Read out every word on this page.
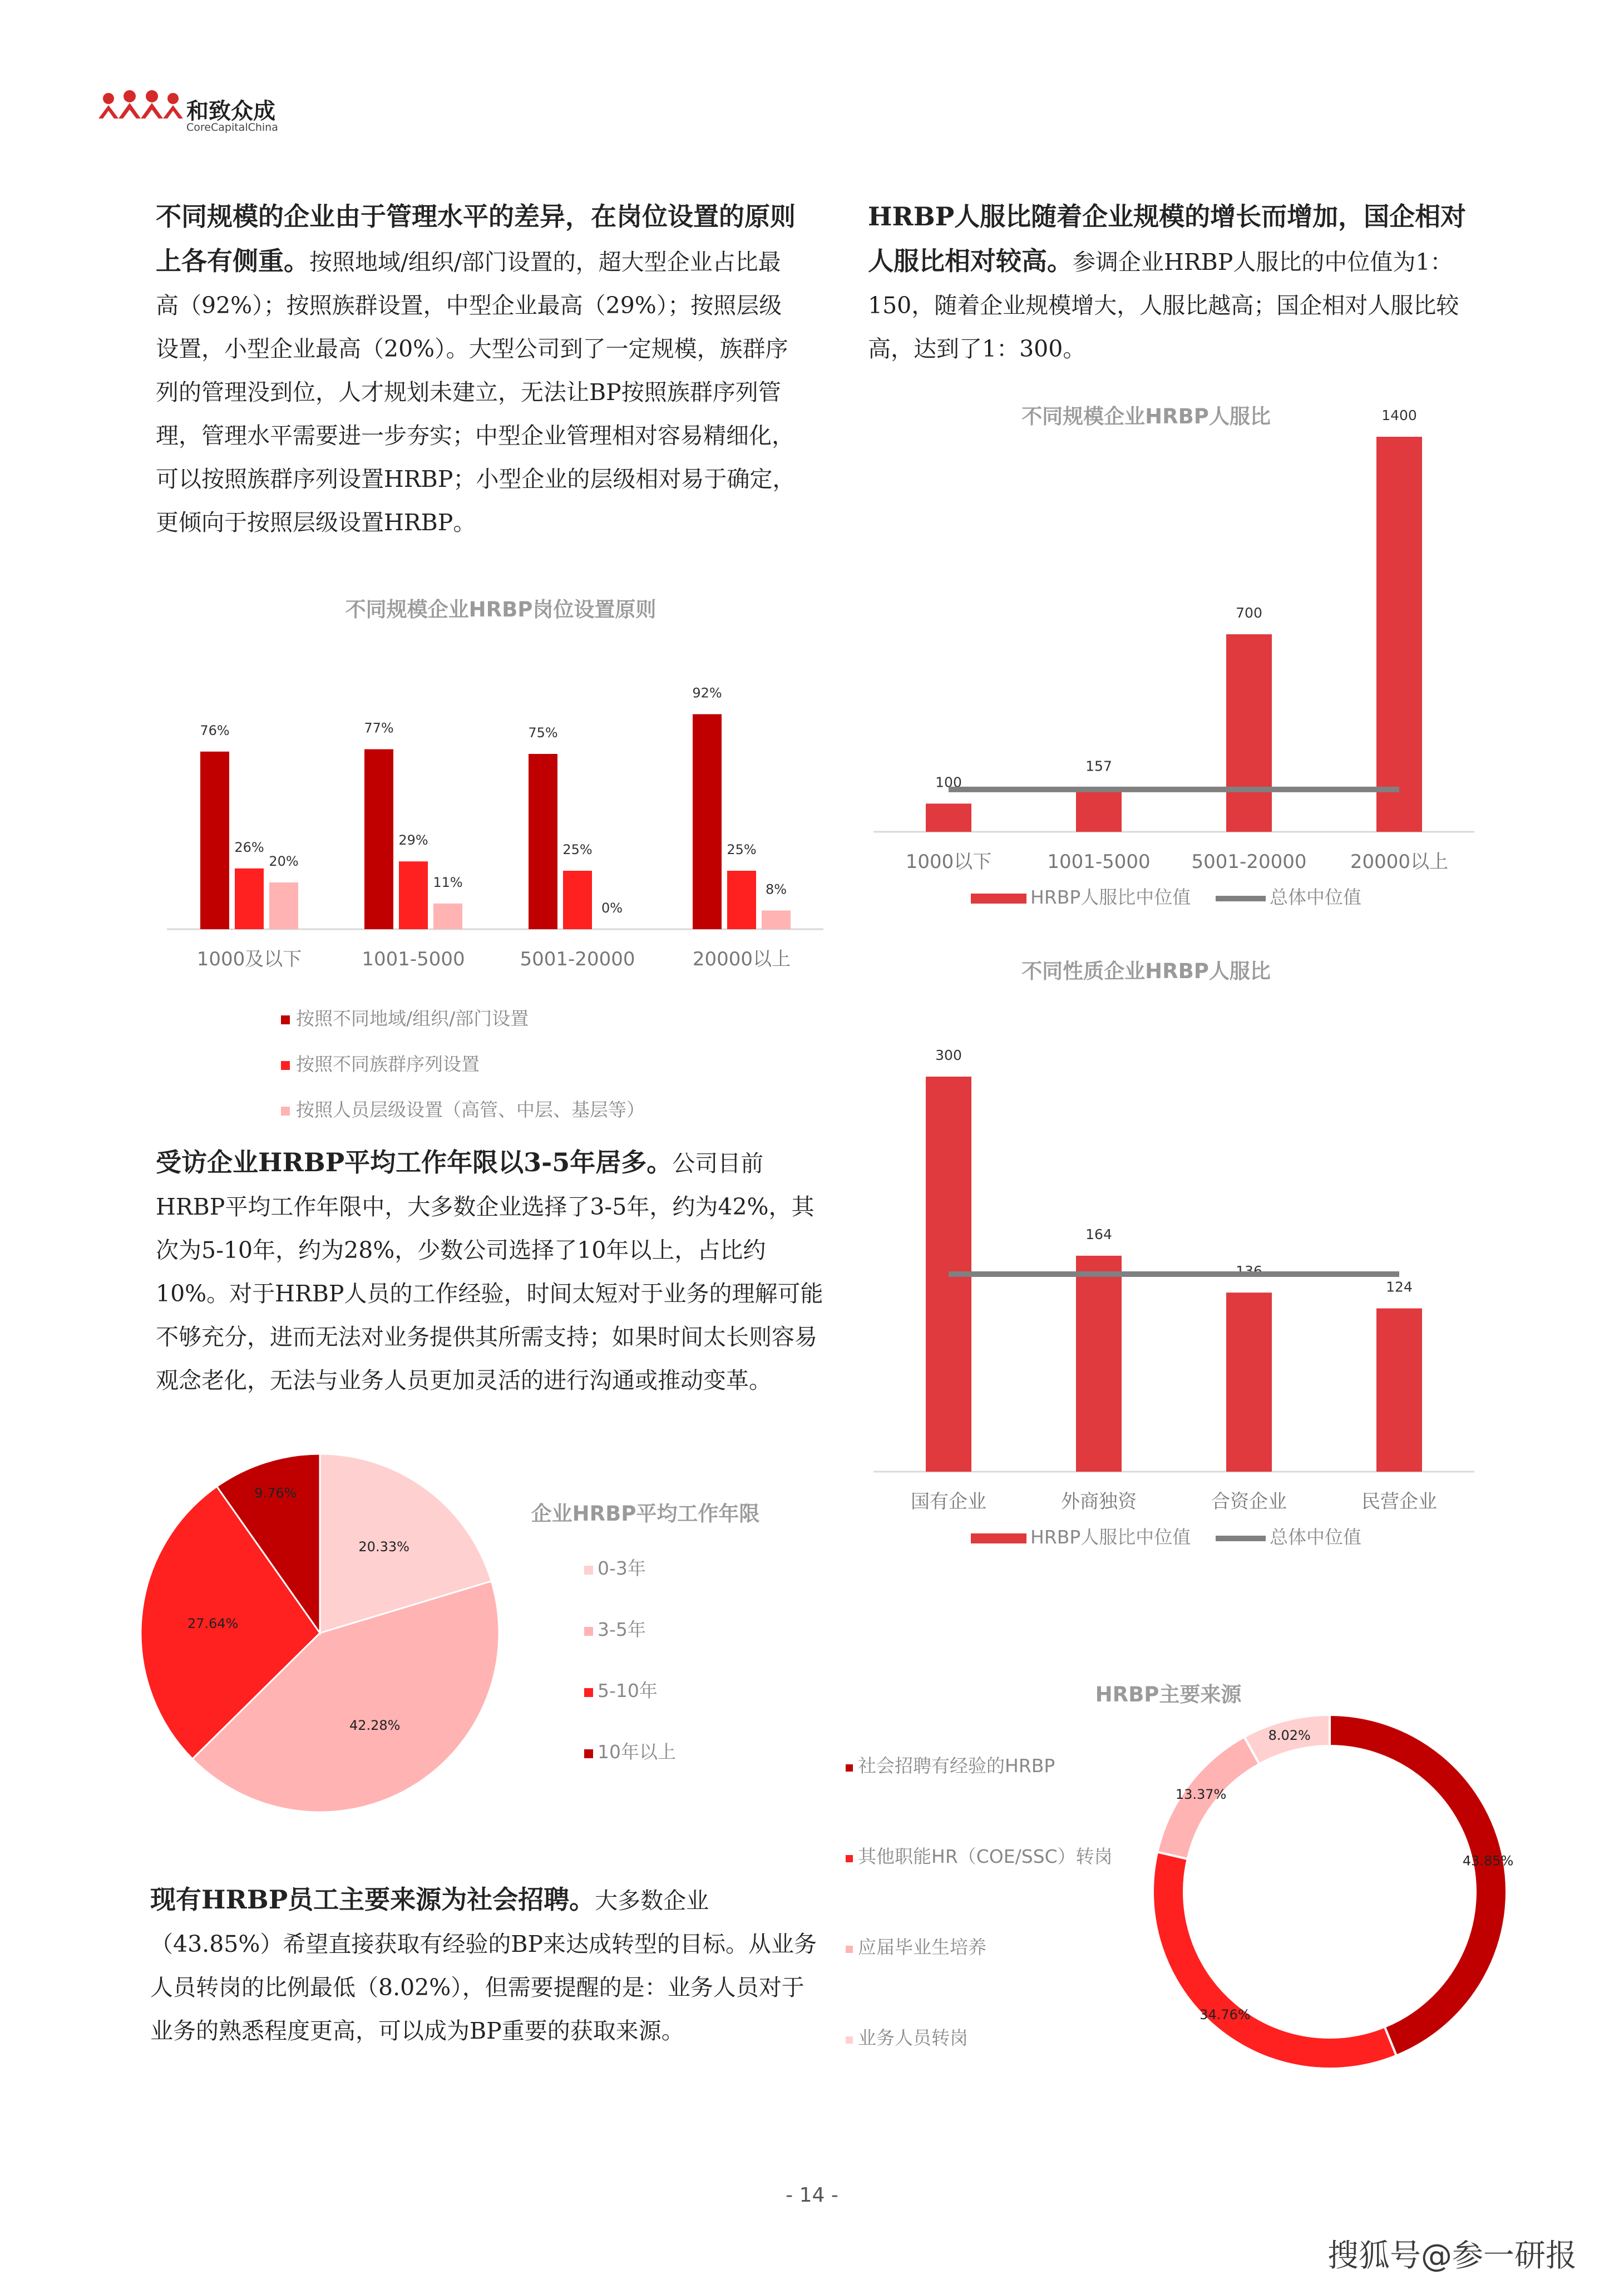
和致众成
CoreCapitalChina

不同规模的企业由于管理水平的差异，在岗位设置的原则上各有侧重。按照地域/组织/部门设置的，超大型企业占比最高（92%）；按照族群设置，中型企业最高（29%）；按照层级设置，小型企业最高（20%）。大型公司到了一定规模，族群序列的管理没到位，人才规划未建立，无法让BP按照族群序列管理，管理水平需要进一步夯实；中型企业管理相对容易精细化，可以按照族群序列设置HRBP；小型企业的层级相对易于确定，更倾向于按照层级设置HRBP。

HRBP人服比随着企业规模的增长而增加，国企相对人服比相对较高。参调企业HRBP人服比的中位值为1：150，随着企业规模增大，人服比越高；国企相对人服比较高，达到了1：300。

不同规模企业HRBP岗位设置原则
76%
26%
20%
1000及以下
77%
29%
11%
1001-5000
75%
25%
0%
5001-20000
92%
25%
8%
20000以上
按照不同地域/组织/部门设置
按照不同族群序列设置
按照人员层级设置（高管、中层、基层等）
不同规模企业HRBP人服比
100
1000以下
157
1001-5000
700
5001-20000
1400
20000以上
HRBP人服比中位值	总体中位值
不同性质企业HRBP人服比
300
国有企业
164
外商独资
136
合资企业
124
民营企业
HRBP人服比中位值	总体中位值

受访企业HRBP平均工作年限以3-5年居多。公司目前HRBP平均工作年限中，大多数企业选择了3-5年，约为42%，其次为5-10年，约为28%，少数公司选择了10年以上，占比约10%。对于HRBP人员的工作经验，时间太短对于业务的理解可能不够充分，进而无法对业务提供其所需支持；如果时间太长则容易观念老化，无法与业务人员更加灵活的进行沟通或推动变革。

企业HRBP平均工作年限
20.33%
42.28%
27.64%
9.76%
0-3年
3-5年
5-10年
10年以上

现有HRBP员工主要来源为社会招聘。大多数企业（43.85%）希望直接获取有经验的BP来达成转型的目标。从业务人员转岗的比例最低（8.02%），但需要提醒的是：业务人员对于业务的熟悉程度更高，可以成为BP重要的获取来源。

HRBP主要来源
43.85%
34.76%
13.37%
8.02%
社会招聘有经验的HRBP
其他职能HR（COE/SSC）转岗
应届毕业生培养
业务人员转岗
- 14 -
搜狐号@参一研报
